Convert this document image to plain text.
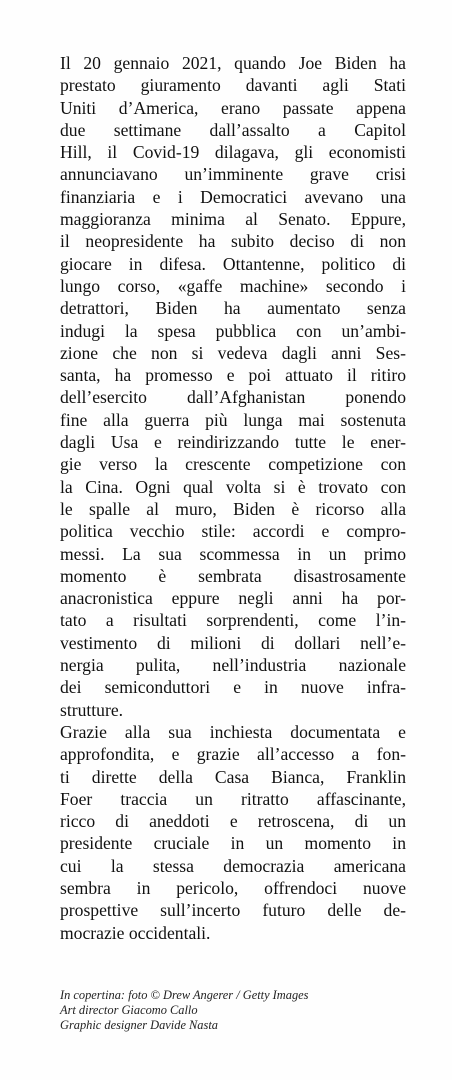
Il 20 gennaio 2021, quando Joe Biden ha
prestato giuramento davanti agli Stati
Uniti d’America, erano passate appena
due settimane dall’assalto a Capitol
Hill, il Covid-19 dilagava, gli economisti
annunciavano un’imminente grave crisi
finanziaria e i Democratici avevano una
maggioranza minima al Senato. Eppure,
il neopresidente ha subito deciso di non
giocare in difesa. Ottantenne, politico di
lungo corso, «gaffe machine» secondo i
detrattori, Biden ha aumentato senza
indugi la spesa pubblica con un’ambi-
zione che non si vedeva dagli anni Ses-
santa, ha promesso e poi attuato il ritiro
dell’esercito dall’Afghanistan ponendo
fine alla guerra più lunga mai sostenuta
dagli Usa e reindirizzando tutte le ener-
gie verso la crescente competizione con
la Cina. Ogni qual volta si è trovato con
le spalle al muro, Biden è ricorso alla
politica vecchio stile: accordi e compro-
messi. La sua scommessa in un primo
momento è sembrata disastrosamente
anacronistica eppure negli anni ha por-
tato a risultati sorprendenti, come l’in-
vestimento di milioni di dollari nell’e-
nergia pulita, nell’industria nazionale
dei semiconduttori e in nuove infra-
strutture.
Grazie alla sua inchiesta documentata e
approfondita, e grazie all’accesso a fon-
ti dirette della Casa Bianca, Franklin
Foer traccia un ritratto affascinante,
ricco di aneddoti e retroscena, di un
presidente cruciale in un momento in
cui la stessa democrazia americana
sembra in pericolo, offrendoci nuove
prospettive sull’incerto futuro delle de-
mocrazie occidentali.
In copertina: foto © Drew Angerer / Getty Images
Art director Giacomo Callo
Graphic designer Davide Nasta
